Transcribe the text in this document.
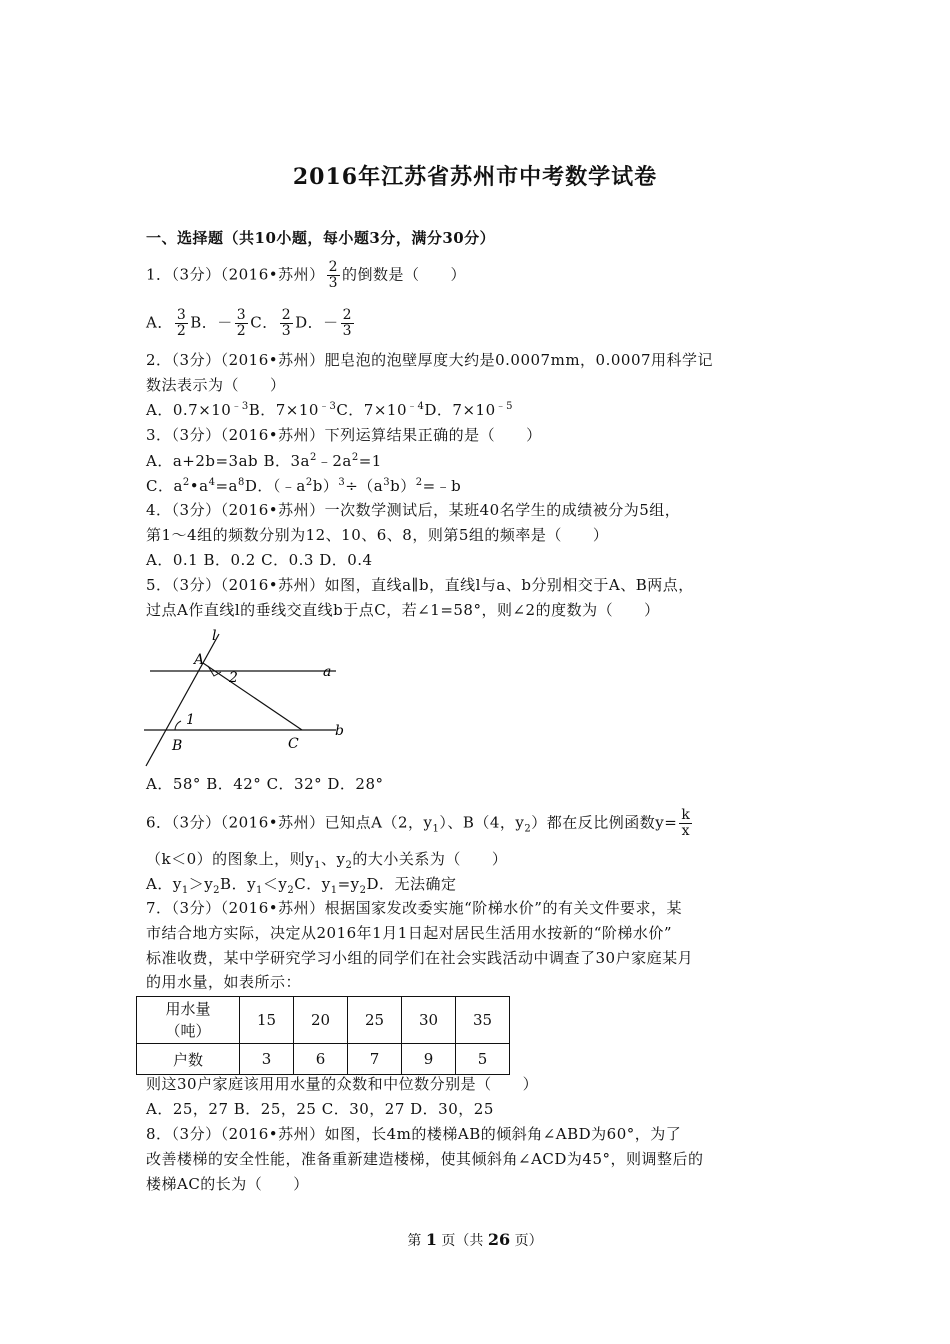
2016年江苏省苏州市中考数学试卷
一、选择题（共10小题，每小题3分，满分30分）
1．（3分）（2016•苏州） $\frac{2}{3}$ 的倒数是（　　）
A． $\frac{3}{2}$ B．－ $\frac{3}{2}$ C． $\frac{2}{3}$ D．－ $\frac{2}{3}$
2．（3分）（2016•苏州）肥皂泡的泡壁厚度大约是0.0007mm，0.0007用科学记
数法表示为（　　）
A．$0.7\times 10^{﹣3}B$．$7\times 10^{﹣3}C$．$7\times 10^{﹣4}D$．$7\times 10^{﹣5}$
3．（3分）（2016•苏州）下列运算结果正确的是（　　）
A．a+2b=3ab B．$3a^2﹣2a^2=1$
C．$a^2•a^4=a^8D$．$(﹣a^2b)^3\div(a^3b)^2=﹣b$
4．（3分）（2016•苏州）一次数学测试后，某班40名学生的成绩被分为5组，
第1～4组的频数分别为12、10、6、8，则第5组的频率是（　　）
A．0.1 B．0.2 C．0.3 D．0.4
5．（3分）（2016•苏州）如图，直线a∥b，直线l与a、b分别相交于A、B两点，
过点A作直线l的垂线交直线b于点C，若∠1=58°，则∠2的度数为（　　）
l
A
a
2
1
B	C
b
A．58° B．42° C．32° D．28°
6．（3分）（2016•苏州）已知点A（2，$y_1$）、B（4，$y_2$）都在反比例函数$y= \frac{k}{x}$
（k＜0）的图象上，则$y_1$、$y_2$的大小关系为（　　）
A．$y_1>y_2B$．$y_1<y_2C$．$y_1=y_2D$．无法确定
7．（3分）（2016•苏州）根据国家发改委实施“阶梯水价”的有关文件要求，某
市结合地方实际，决定从2016年1月1日起对居民生活用水按新的“阶梯水价”
标准收费，某中学研究学习小组的同学们在社会实践活动中调查了30户家庭某月
的用水量，如表所示：
用水量
（吨）	15	20	25	30	35
户数	3	6	7	9	5
则这30户家庭该用用水量的众数和中位数分别是（　　）
A．25，27 B．25，25 C．30，27 D．30，25
8．（3分）（2016•苏州）如图，长4m的楼梯AB的倾斜角∠ABD为60°，为了
改善楼梯的安全性能，准备重新建造楼梯，使其倾斜角∠ACD为45°，则调整后的
楼梯AC的长为（　　）
第 1 页（共 26 页）
